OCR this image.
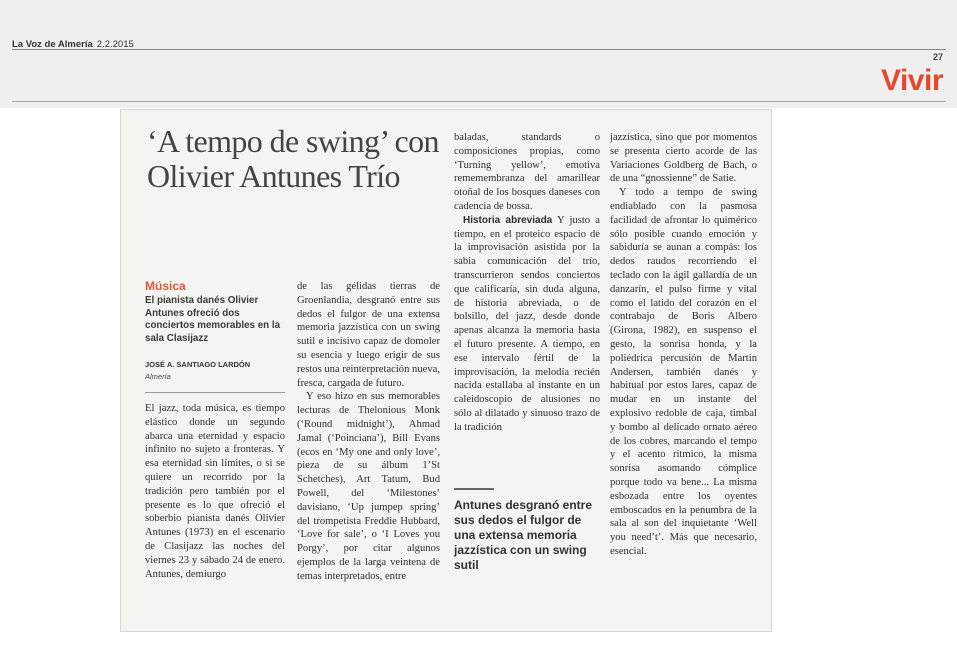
La Voz de Almería 2.2.2015
27
Vivir
‘A tempo de swing’ con Olivier Antunes Trío
Música
El pianista danés Olivier Antunes ofreció dos conciertos memorables en la sala Clasijazz
JOSÉ A. SANTIAGO LARDÓN
Almería

El jazz, toda música, es tiempo elástico donde un segundo abarca una eternidad y espacio infinito no sujeto a fronteras. Y esa eternidad sin límites, o si se quiere un recorrido por la tradición pero también por el presente es lo que ofreció el soberbio pianista danés Olivier Antunes (1973) en el escenario de Clasijazz las noches del viernes 23 y sábado 24 de enero. Antunes, demiurgo

de las gélidas tierras de Groenlandia, desgranó entre sus dedos el fulgor de una extensa memoria jazzística con un swing sutil e incisivo capaz de domoler su esencia y luego erigir de sus restos una reinterpretación nueva, fresca, cargada de futuro.

Y eso hizo en sus memorables lecturas de Thelonious Monk (‘Round midnight’), Ahmad Jamal (‘Poinciana’), Bill Evans (ecos en ‘My one and only love’, pieza de su álbum 1’St Schetches), Art Tatum, Bud Powell, del ‘Milestones’ davisiano, ‘Up jumpep spring’ del trompetista Freddie Hubbard, ‘Love for sale’, o ‘I Loves you Porgy’, por citar algunos ejemplos de la larga veintena de temas interpretados, entre

baladas, standards o composiciones propias, como ‘Turning yellow’, emotiva rememembranza del amarillear otoñal de los bosques daneses con cadencia de bossa.

Historia abreviada Y justo a tiempo, en el proteico espacio de la improvisación asistida por la sabia comunicación del trío, transcurrieron sendos conciertos que calificaría, sin duda alguna, de historia abreviada, o de bolsillo, del jazz, desde donde apenas alcanza la memoria hasta el futuro presente. A tiempo, en ese intervalo fértil de la improvisación, la melodía recién nacida estallaba al instante en un caleidoscopio de alusiones no sólo al dilatado y sinuoso trazo de la tradición

jazzística, sino que por momentos se presenta cierto acorde de las Variaciones Goldberg de Bach, o de una “gnossienne” de Satie.

Y todo a tempo de swing endiablado con la pasmosa facilidad de afrontar lo quimérico sólo posible cuando emoción y sabiduría se aunan a compás: los dedos raudos recorriendo el teclado con la ágil gallardía de un danzarín, el pulso firme y vital como el latido del corazón en el contrabajo de Boris Albero (Girona, 1982), en suspenso el gesto, la sonrisa honda, y la poliédrica percusión de Martin Andersen, también danés y habitual por estos lares, capaz de mudar en un instante del explosivo redoble de caja, timbal y bombo al delicado ornato aéreo de los cobres, marcando el tempo y el acento rítmico, la misma sonrisa asomando cómplice porque todo va bene... La misma esbozada entre los oyentes emboscados en la penumbra de la sala al son del inquietante ‘Well you need’t’. Más que necesario, esencial.

Antunes desgranó entre sus dedos el fulgor de una extensa memoria jazzística con un swing sutil
